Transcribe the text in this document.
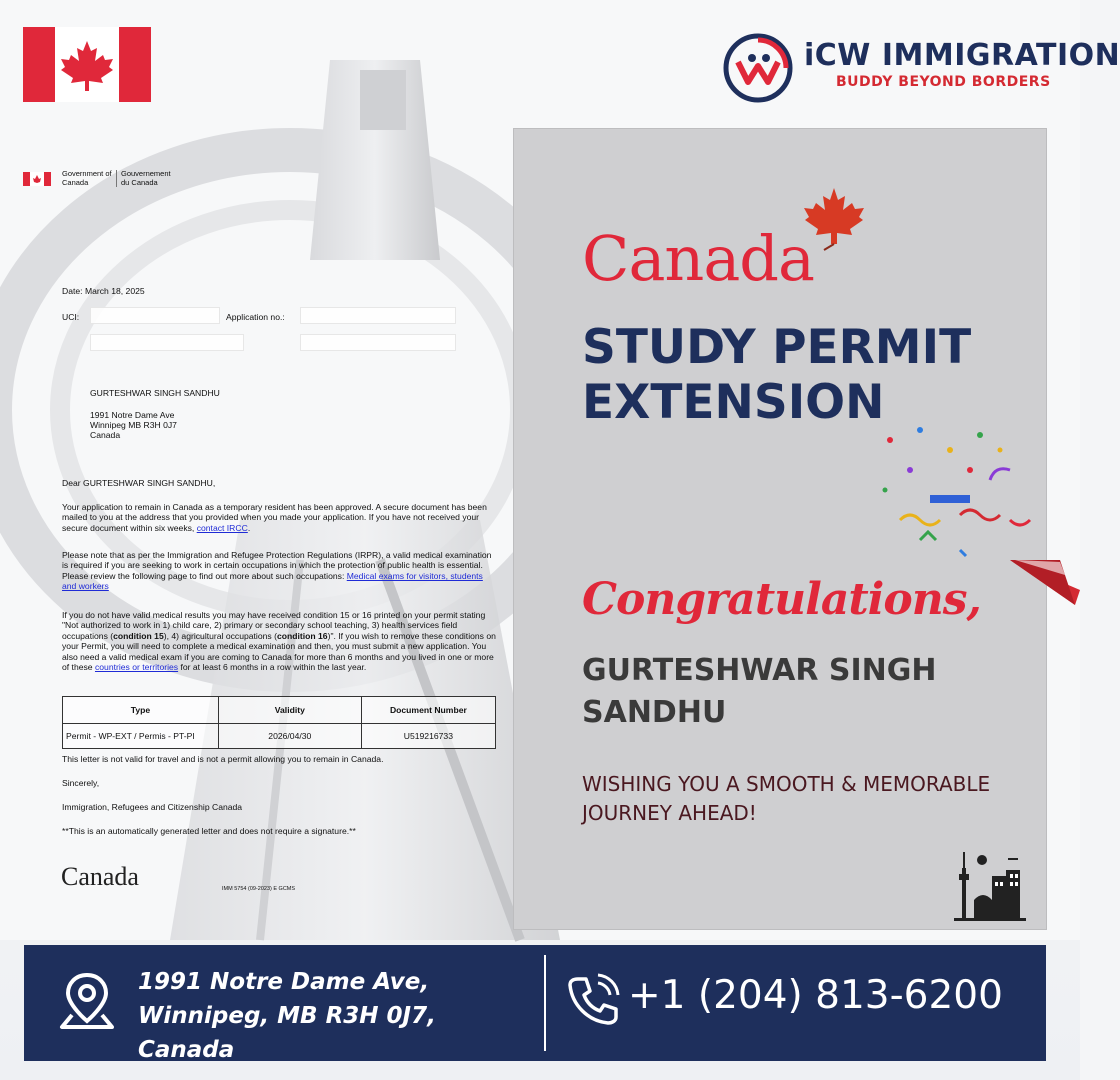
iCW IMMIGRATION
BUDDY BEYOND BORDERS
Government of Canada
Gouvernement du Canada
Date: March 18, 2025
UCI:	Application no.:
GURTESHWAR SINGH SANDHU
1991 Notre Dame Ave
Winnipeg MB R3H 0J7
Canada
Dear GURTESHWAR SINGH SANDHU,
Your application to remain in Canada as a temporary resident has been approved. A secure document has been mailed to you at the address that you provided when you made your application. If you have not received your secure document within six weeks, contact IRCC.
Please note that as per the Immigration and Refugee Protection Regulations (IRPR), a valid medical examination is required if you are seeking to work in certain occupations in which the protection of public health is essential. Please review the following page to find out more about such occupations: Medical exams for visitors, students and workers
If you do not have valid medical results you may have received condition 15 or 16 printed on your permit stating "Not authorized to work in 1) child care, 2) primary or secondary school teaching, 3) health services field occupations (condition 15), 4) agricultural occupations (condition 16)". If you wish to remove these conditions on your Permit, you will need to complete a medical examination and then, you must submit a new application. You also need a valid medical exam if you are coming to Canada for more than 6 months and you lived in one or more of these countries or territories for at least 6 months in a row within the last year.
Type	Validity	Document Number
Permit - WP-EXT / Permis - PT-PI	2026/04/30	U519216733
This letter is not valid for travel and is not a permit allowing you to remain in Canada.
Sincerely,
Immigration, Refugees and Citizenship Canada
**This is an automatically generated letter and does not require a signature.**
Canada	IMM 5754 (09-2023) E GCMS
Canada
STUDY PERMIT EXTENSION
Congratulations,
GURTESHWAR SINGH SANDHU
WISHING YOU A SMOOTH & MEMORABLE JOURNEY AHEAD!
1991 Notre Dame Ave, Winnipeg, MB R3H 0J7, Canada
+1 (204) 813-6200
